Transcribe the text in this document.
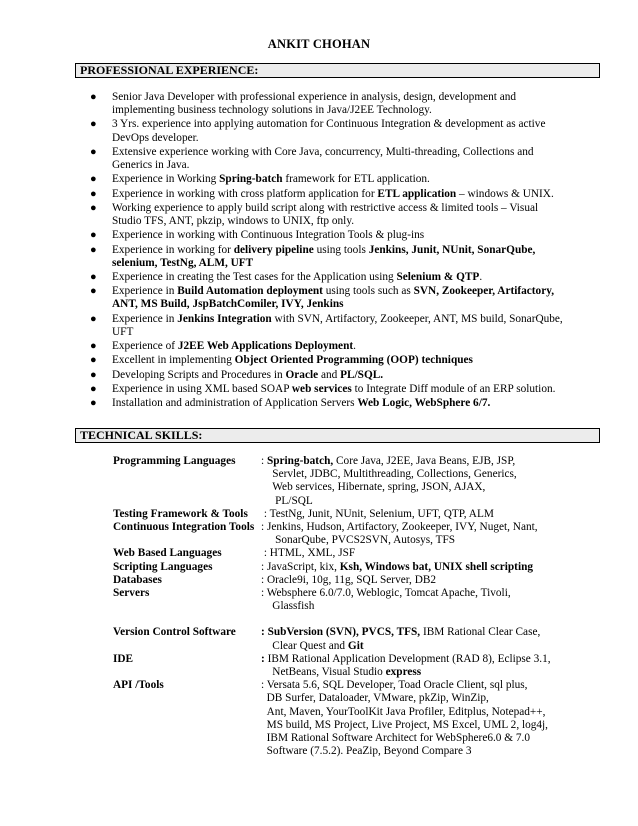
ANKIT CHOHAN
PROFESSIONAL EXPERIENCE:
● Senior Java Developer with professional experience in analysis, design, development and implementing business technology solutions in Java/J2EE Technology.
● 3 Yrs. experience into applying automation for Continuous Integration & development as active DevOps developer.
● Extensive experience working with Core Java, concurrency, Multi-threading, Collections and Generics in Java.
● Experience in Working Spring-batch framework for ETL application.
● Experience in working with cross platform application for ETL application – windows & UNIX.
● Working experience to apply build script along with restrictive access & limited tools – Visual Studio TFS, ANT, pkzip, windows to UNIX, ftp only.
● Experience in working with Continuous Integration Tools & plug-ins
● Experience in working for delivery pipeline using tools Jenkins, Junit, NUnit, SonarQube, selenium, TestNg, ALM, UFT
● Experience in creating the Test cases for the Application using Selenium & QTP.
● Experience in Build Automation deployment using tools such as SVN, Zookeeper, Artifactory, ANT, MS Build, JspBatchComiler, IVY, Jenkins
● Experience in Jenkins Integration with SVN, Artifactory, Zookeeper, ANT, MS build, SonarQube, UFT
● Experience of J2EE Web Applications Deployment.
● Excellent in implementing Object Oriented Programming (OOP) techniques
● Developing Scripts and Procedures in Oracle and PL/SQL.
● Experience in using XML based SOAP web services to Integrate Diff module of an ERP solution.
● Installation and administration of Application Servers Web Logic, WebSphere 6/7.
TECHNICAL SKILLS:
Programming Languages	: Spring-batch, Core Java, J2EE, Java Beans, EJB, JSP,
Servlet, JDBC, Multithreading, Collections, Generics,
Web services, Hibernate, spring, JSON, AJAX,
PL/SQL
Testing Framework & Tools	: TestNg, Junit, NUnit, Selenium, UFT, QTP, ALM
Continuous Integration Tools : Jenkins, Hudson, Artifactory, Zookeeper, IVY, Nuget, Nant,
SonarQube, PVCS2SVN, Autosys, TFS
Web Based Languages	: HTML, XML, JSF
Scripting Languages	: JavaScript, kix, Ksh, Windows bat, UNIX shell scripting
Databases	: Oracle9i, 10g, 11g, SQL Server, DB2
Servers	: Websphere 6.0/7.0, Weblogic, Tomcat Apache, Tivoli,
Glassfish
Version Control Software	: SubVersion (SVN), PVCS, TFS, IBM Rational Clear Case,
Clear Quest and Git
IDE	: IBM Rational Application Development (RAD 8), Eclipse 3.1,
NetBeans, Visual Studio express
API /Tools	: Versata 5.6, SQL Developer, Toad Oracle Client, sql plus,
DB Surfer, Dataloader, VMware, pkZip, WinZip,
Ant, Maven, YourToolKit Java Profiler, Editplus, Notepad++,
MS build, MS Project, Live Project, MS Excel, UML 2, log4j,
IBM Rational Software Architect for WebSphere6.0 & 7.0
Software (7.5.2). PeaZip, Beyond Compare 3
